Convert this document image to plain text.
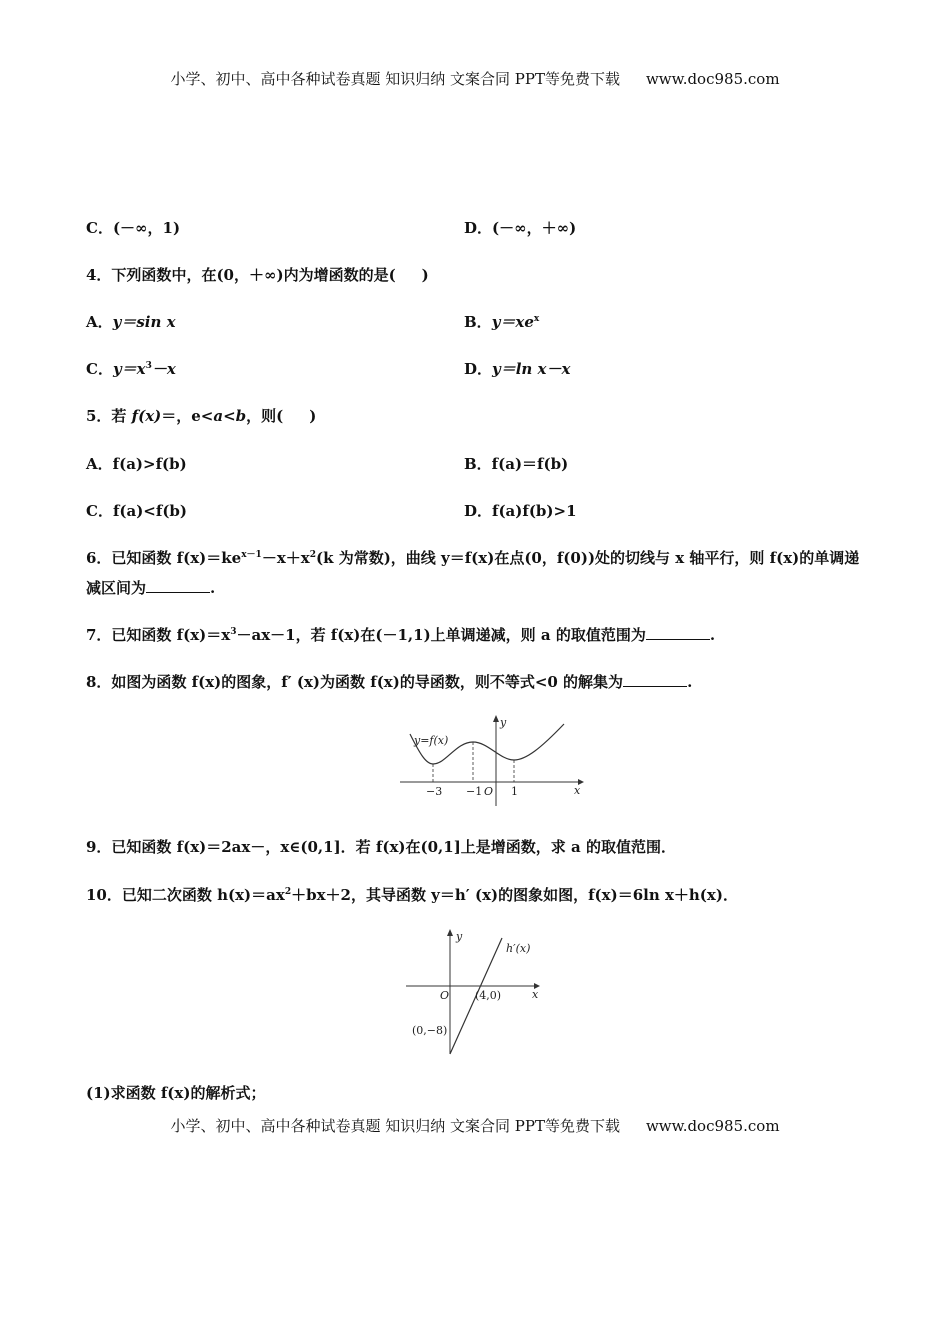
小学、初中、高中各种试卷真题 知识归纳 文案合同 PPT等免费下载 www.doc985.com
C．(－∞，1)	D．(－∞，＋∞)
4．下列函数中，在(0，＋∞)内为增函数的是( )
A．y＝sin x	B．$y=xe^x$
C．$y=x^3-x$	D．y＝ln x－x
5．若 f(x)＝，e<a<b，则( )
A．f(a)>f(b)	B．f(a)＝f(b)
C．f(a)<f(b)	D．f(a)f(b)>1
6．已知函数 $f(x)=ke^{x-1}-x+x^2(k$ 为常数)，曲线 y＝f(x)在点(0，f(0))处的切线与 x 轴平行，则 f(x)的单调递
减区间为	.
7．已知函数 $f(x)=x^3-ax-1$，若 f(x)在(－1,1)上单调递减，则 a 的取值范围为	.
8．如图为函数 f(x)的图象，f′ (x)为函数 f(x)的导函数，则不等式<0 的解集为	.
y=f(x)
y
x
O
−3 −1	1
9．已知函数 f(x)＝2ax－，x∈(0,1]．若 f(x)在(0,1]上是增函数，求 a 的取值范围．
10．已知二次函数 $h(x)=ax^2+bx+2$，其导函数 y＝h′ (x)的图象如图，f(x)＝6ln x＋h(x)．
y
x
O
h′(x)
(4,0)
(0,−8)
(1)求函数 f(x)的解析式；
小学、初中、高中各种试卷真题 知识归纳 文案合同 PPT等免费下载 www.doc985.com
